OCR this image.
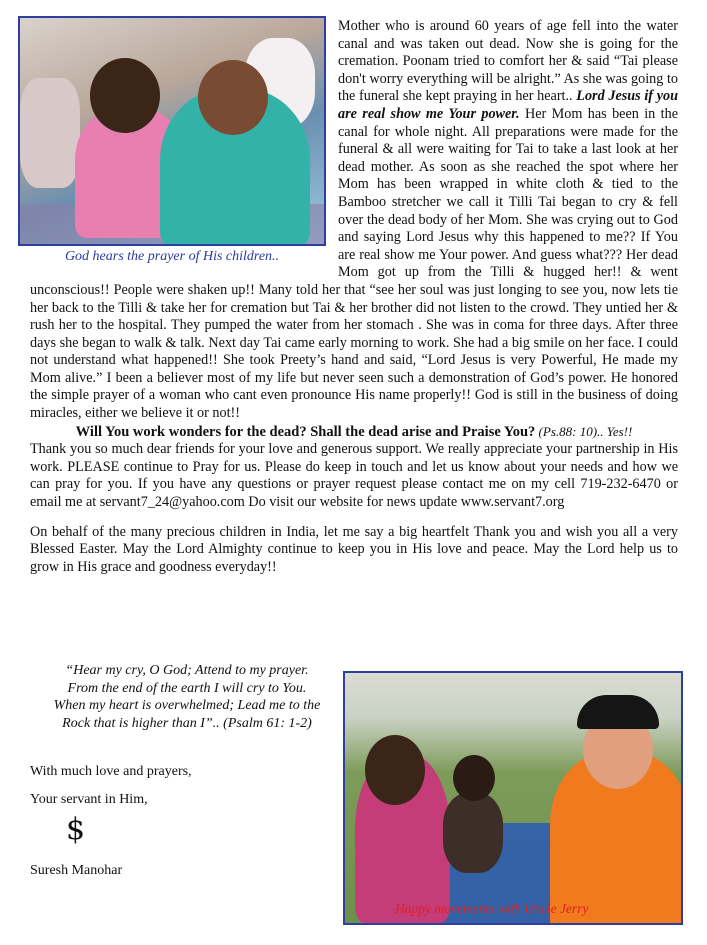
God hears the prayer of His children..

Mother who is around 60 years of age fell into the water canal and was taken out dead. Now she is going for the cremation. Poonam tried to comfort her & said “Tai please don't worry everything will be alright.” As she was going to the funeral she kept praying in her heart.. Lord Jesus if you are real show me Your power. Her Mom has been in the canal for whole night. All preparations were made for the funeral & all were waiting for Tai to take a last look at her dead mother. As soon as she reached the spot where her Mom has been wrapped in white cloth & tied to the Bamboo stretcher we call it Tilli Tai began to cry & fell over the dead body of her Mom. She was crying out to God and saying Lord Jesus why this happened to me?? If You are real show me Your power. And guess what??? Her dead Mom got up from the Tilli & hugged her!! & went unconscious!! People were shaken up!! Many told her that “see her soul was just longing to see you, now lets tie her back to the Tilli & take her for cremation but Tai & her brother did not listen to the crowd. They untied her & rush her to the hospital. They pumped the water from her stomach . She was in coma for three days. After three days she began to walk & talk. Next day Tai came early morning to work. She had a big smile on her face. I could not understand what happened!! She took Preety’s hand and said, “Lord Jesus is very Powerful, He made my Mom alive.” I been a believer most of my life but never seen such a demonstration of God’s power. He honored the simple prayer of a woman who cant even pronounce His name properly!! God is still in the business of doing miracles, either we believe it or not!!

Will You work wonders for the dead? Shall the dead arise and Praise You? (Ps.88: 10).. Yes!!

Thank you so much dear friends for your love and generous support. We really appreciate your partnership in His work. PLEASE continue to Pray for us. Please do keep in touch and let us know about your needs and how we can pray for you. If you have any questions or prayer request please contact me on my cell 719-232-6470 or email me at servant7_24@yahoo.com Do visit our website for news update www.servant7.org

On behalf of the many precious children in India, let me say a big heartfelt Thank you and wish you all a very Blessed Easter. May the Lord Almighty continue to keep you in His love and peace. May the Lord help us to grow in His grace and goodness everyday!!

“Hear my cry, O God; Attend to my prayer.
From the end of the earth I will cry to You.
When my heart is overwhelmed; Lead me to the
Rock that is higher than I”.. (Psalm 61: 1-2)
With much love and prayers,
Your servant in Him,
$
Suresh Manohar
Happy movements with Uncle Jerry
